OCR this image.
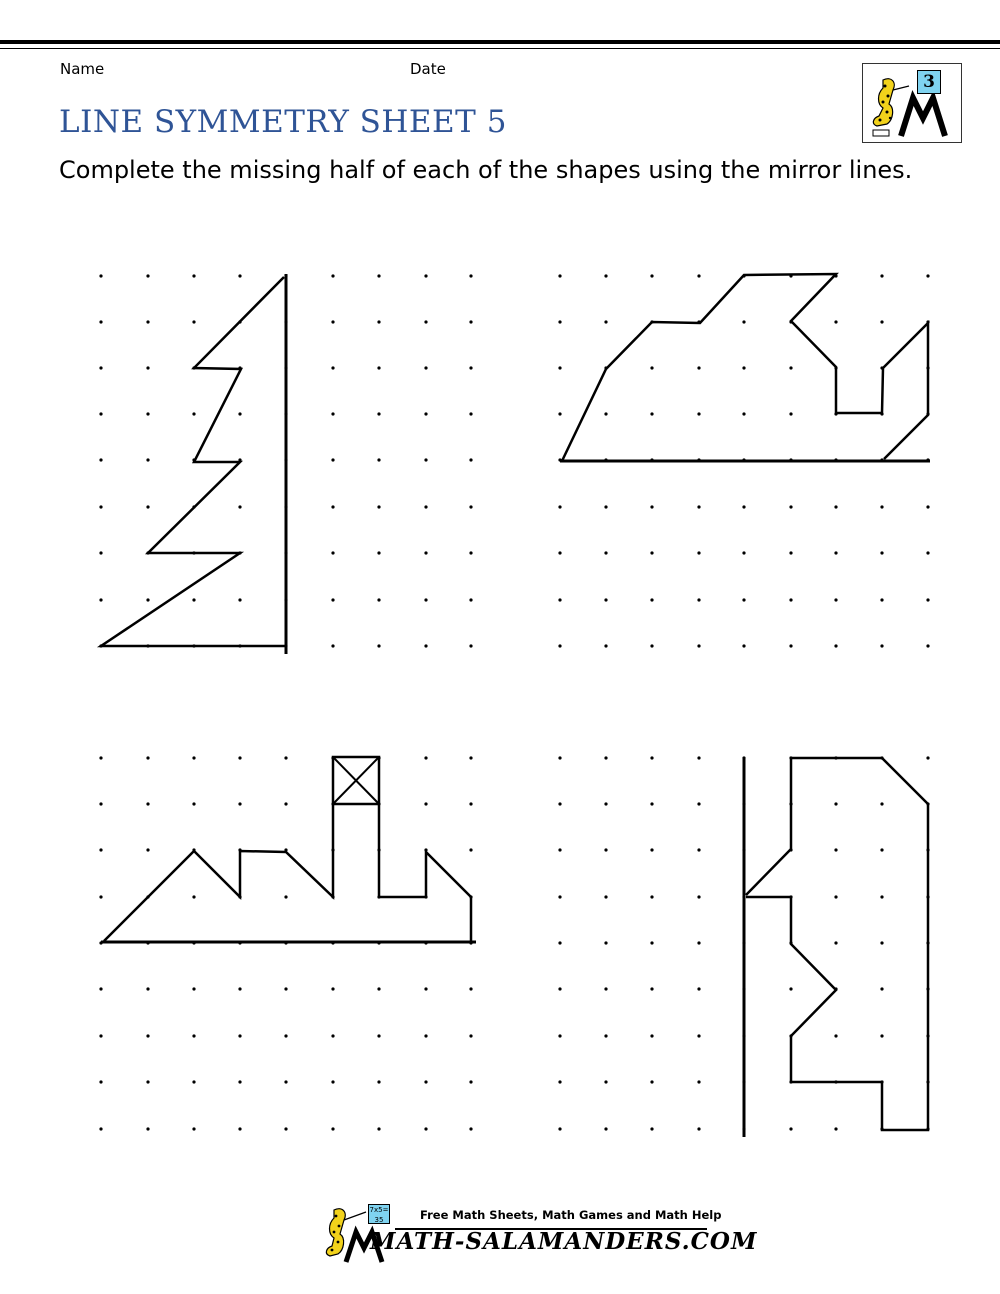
Name	Date
LINE SYMMETRY SHEET 5

Complete the missing half of each of the shapes using the mirror lines.

3
7x5=
35	Free Math Sheets, Math Games and Math Help
MATH-SALAMANDERS.COM
